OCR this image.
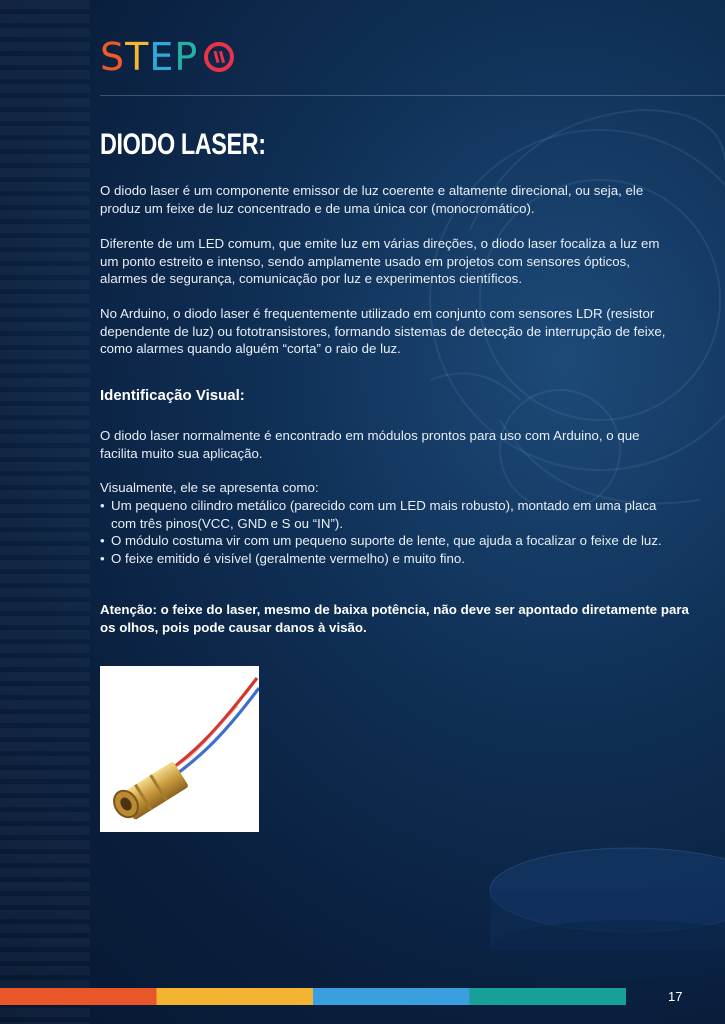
S T E P
DIODO LASER:

O diodo laser é um componente emissor de luz coerente e altamente direcional, ou seja, ele produz um feixe de luz concentrado e de uma única cor (monocromático).

Diferente de um LED comum, que emite luz em várias direções, o diodo laser focaliza a luz em um ponto estreito e intenso, sendo amplamente usado em projetos com sensores ópticos, alarmes de segurança, comunicação por luz e experimentos científicos.

No Arduino, o diodo laser é frequentemente utilizado em conjunto com sensores LDR (resistor dependente de luz) ou fototransistores, formando sistemas de detecção de interrupção de feixe, como alarmes quando alguém “corta” o raio de luz.

Identificação Visual:

O diodo laser normalmente é encontrado em módulos prontos para uso com Arduino, o que facilita muito sua aplicação.

Visualmente, ele se apresenta como:

• Um pequeno cilindro metálico (parecido com um LED mais robusto), montado em uma placa com três pinos(VCC, GND e S ou “IN”).
• O módulo costuma vir com um pequeno suporte de lente, que ajuda a focalizar o feixe de luz.
• O feixe emitido é visível (geralmente vermelho) e muito fino.

Atenção: o feixe do laser, mesmo de baixa potência, não deve ser apontado diretamente para os olhos, pois pode causar danos à visão.

17
